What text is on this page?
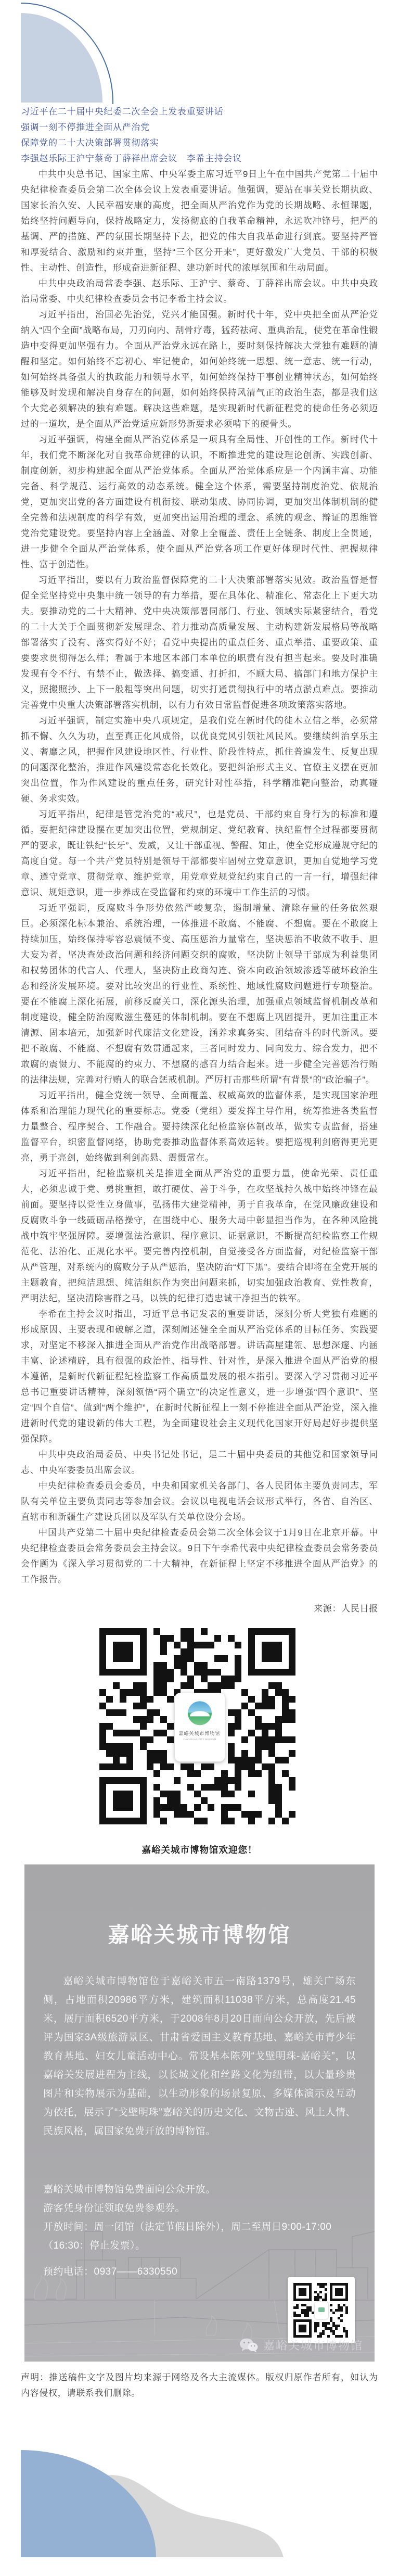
习近平在二十届中央纪委二次全会上发表重要讲话

强调一刻不停推进全面从严治党

保障党的二十大决策部署贯彻落实

李强赵乐际王沪宁蔡奇丁薛祥出席会议　李希主持会议

中共中央总书记、国家主席、中央军委主席习近平9日上午在中国共产党第二十届中央纪律检查委员会第二次全体会议上发表重要讲话。他强调，要站在事关党长期执政、国家长治久安、人民幸福安康的高度，把全面从严治党作为党的长期战略、永恒课题，始终坚持问题导向，保持战略定力，发扬彻底的自我革命精神，永远吹冲锋号，把严的基调、严的措施、严的氛围长期坚持下去，把党的伟大自我革命进行到底。要坚持严管和厚爱结合、激励和约束并重，坚持“三个区分开来”，更好激发广大党员、干部的积极性、主动性、创造性，形成奋进新征程、建功新时代的浓厚氛围和生动局面。

中共中央政治局常委李强、赵乐际、王沪宁、蔡奇、丁薛祥出席会议。中共中央政治局常委、中央纪律检查委员会书记李希主持会议。

习近平指出，治国必先治党，党兴才能国强。新时代十年，党中央把全面从严治党纳入“四个全面”战略布局，刀刃向内、刮骨疗毒，猛药祛疴、重典治乱，使党在革命性锻造中变得更加坚强有力。全面从严治党永远在路上，要时刻保持解决大党独有难题的清醒和坚定。如何始终不忘初心、牢记使命，如何始终统一思想、统一意志、统一行动，如何始终具备强大的执政能力和领导水平，如何始终保持干事创业精神状态，如何始终能够及时发现和解决自身存在的问题，如何始终保持风清气正的政治生态，都是我们这个大党必须解决的独有难题。解决这些难题，是实现新时代新征程党的使命任务必须迈过的一道坎，是全面从严治党适应新形势新要求必须啃下的硬骨头。

习近平强调，构建全面从严治党体系是一项具有全局性、开创性的工作。新时代十年，我们党不断深化对自我革命规律的认识，不断推进党的建设理论创新、实践创新、制度创新，初步构建起全面从严治党体系。全面从严治党体系应是一个内涵丰富、功能完备、科学规范、运行高效的动态系统。健全这个体系，需要坚持制度治党、依规治党，更加突出党的各方面建设有机衔接、联动集成、协同协调，更加突出体制机制的健全完善和法规制度的科学有效，更加突出运用治理的理念、系统的观念、辩证的思维管党治党建设党。要坚持内容上全涵盖、对象上全覆盖、责任上全链条、制度上全贯通，进一步健全全面从严治党体系，使全面从严治党各项工作更好体现时代性、把握规律性、富于创造性。

习近平指出，要以有力政治监督保障党的二十大决策部署落实见效。政治监督是督促全党坚持党中央集中统一领导的有力举措，要在具体化、精准化、常态化上下更大功夫。要推动党的二十大精神、党中央决策部署同部门、行业、领域实际紧密结合，看党的二十大关于全面贯彻新发展理念、着力推动高质量发展、主动构建新发展格局等战略部署落实了没有、落实得好不好；看党中央提出的重点任务、重点举措、重要政策、重要要求贯彻得怎么样；看属于本地区本部门本单位的职责有没有担当起来。要及时准确发现有令不行、有禁不止，做选择、搞变通、打折扣，不顾大局、搞部门和地方保护主义，照搬照抄、上下一般粗等突出问题，切实打通贯彻执行中的堵点淤点难点。要推动完善党中央重大决策部署落实机制，以有力有效日常监督促进各项政策落实落地。

习近平强调，制定实施中央八项规定，是我们党在新时代的徙木立信之举，必须常抓不懈、久久为功，直至真正化风成俗，以优良党风引领社风民风。要继续纠治享乐主义、奢靡之风，把握作风建设地区性、行业性、阶段性特点，抓住普遍发生、反复出现的问题深化整治，推进作风建设常态化长效化。要把纠治形式主义、官僚主义摆在更加突出位置，作为作风建设的重点任务，研究针对性举措，科学精准靶向整治，动真碰硬、务求实效。

习近平指出，纪律是管党治党的“戒尺”，也是党员、干部约束自身行为的标准和遵循。要把纪律建设摆在更加突出位置，党规制定、党纪教育、执纪监督全过程都要贯彻严的要求，既让铁纪“长牙”、发威，又让干部重视、警醒、知止，使全党形成遵规守纪的高度自觉。每一个共产党员特别是领导干部都要牢固树立党章意识，更加自觉地学习党章、遵守党章、贯彻党章、维护党章，用党章党规党纪约束自己的一言一行，增强纪律意识、规矩意识，进一步养成在受监督和约束的环境中工作生活的习惯。

习近平强调，反腐败斗争形势依然严峻复杂，遏制增量、清除存量的任务依然艰巨。必须深化标本兼治、系统治理，一体推进不敢腐、不能腐、不想腐。要在不敢腐上持续加压，始终保持零容忍震慑不变、高压惩治力量常在，坚决惩治不收敛不收手、胆大妄为者，坚决查处政治问题和经济问题交织的腐败，坚决防止领导干部成为利益集团和权势团体的代言人、代理人，坚决防止政商勾连、资本向政治领域渗透等破坏政治生态和经济发展环境。要对比较突出的行业性、系统性、地域性腐败问题进行专项整治。要在不能腐上深化拓展，前移反腐关口，深化源头治理，加强重点领域监督机制改革和制度建设，健全防治腐败滋生蔓延的体制机制。要在不想腐上巩固提升，更加注重正本清源、固本培元，加强新时代廉洁文化建设，涵养求真务实、团结奋斗的时代新风。要把不敢腐、不能腐、不想腐有效贯通起来，三者同时发力、同向发力、综合发力，把不敢腐的震慑力、不能腐的约束力、不想腐的感召力结合起来。进一步健全完善惩治行贿的法律法规，完善对行贿人的联合惩戒机制。严厉打击那些所谓“有背景”的“政治骗子”。

习近平指出，健全党统一领导、全面覆盖、权威高效的监督体系，是实现国家治理体系和治理能力现代化的重要标志。党委（党组）要发挥主导作用，统筹推进各类监督力量整合、程序契合、工作融合。要持续深化纪检监察体制改革，做实专责监督，搭建监督平台，织密监督网络，协助党委推动监督体系高效运转。要把巡视利剑磨得更光更亮，勇于亮剑，始终做到利剑高悬、震慑常在。

习近平指出，纪检监察机关是推进全面从严治党的重要力量，使命光荣、责任重大，必须忠诚于党、勇挑重担，敢打硬仗、善于斗争，在攻坚战持久战中始终冲锋在最前面。要坚持以党性立身做事，弘扬伟大建党精神，勇于自我革命，在党风廉政建设和反腐败斗争一线砥砺品格操守，在围绕中心、服务大局中彰显担当作为，在各种风险挑战中筑牢坚强屏障。要增强法治意识、程序意识、证据意识，不断提高纪检监察工作规范化、法治化、正规化水平。要完善内控机制，自觉接受各方面监督，对纪检监察干部从严管理，对系统内的腐败分子从严惩治，坚决防治“灯下黑”。要结合即将在全党开展的主题教育，把纯洁思想、纯洁组织作为突出问题来抓，切实加强政治教育、党性教育，严明法纪，坚决清除害群之马，以铁的纪律打造忠诚干净担当的铁军。

李希在主持会议时指出，习近平总书记发表的重要讲话，深刻分析大党独有难题的形成原因、主要表现和破解之道，深刻阐述健全全面从严治党体系的目标任务、实践要求，对坚定不移深入推进全面从严治党作出战略部署。讲话高屋建瓴、思想深邃、内涵丰富、论述精辟，具有很强的政治性、指导性、针对性，是深入推进全面从严治党的根本遵循，是新时代新征程纪检监察工作高质量发展的根本指引。要深入学习贯彻习近平总书记重要讲话精神，深刻领悟“两个确立”的决定性意义，进一步增强“四个意识”、坚定“四个自信”、做到“两个维护”，在新时代新征程上一刻不停推进全面从严治党，深入推进新时代党的建设新的伟大工程，为全面建设社会主义现代化国家开好局起好步提供坚强保障。

中共中央政治局委员、中央书记处书记，是二十届中央委员的其他党和国家领导同志、中央军委委员出席会议。

中央纪律检查委员会委员，中央和国家机关各部门、各人民团体主要负责同志，军队有关单位主要负责同志等参加会议。会议以电视电话会议形式举行，各省、自治区、直辖市和新疆生产建设兵团以及军队有关单位设分会场。

中国共产党第二十届中央纪律检查委员会第二次全体会议于1月9日在北京开幕。中央纪律检查委员会常务委员会主持会议。9日下午李希代表中央纪律检查委员会常务委员会作题为《深入学习贯彻党的二十大精神，在新征程上坚定不移推进全面从严治党》的工作报告。

来源：人民日报

嘉峪关城市博物馆
JIAYUGUAN CITY MUSEUM

嘉峪关城市博物馆欢迎您！

嘉峪关城市博物馆
嘉峪关城市博物馆位于嘉峪关市五一南路1379号，雄关广场东侧，占地面积20986平方米，建筑面积11038平方米，总高度21.45米，展厅面积6520平方米，于2008年8月20日面向公众开放，先后被评为国家3A级旅游景区、甘肃省爱国主义教育基地、嘉峪关市青少年教育基地、妇女儿童活动中心。常设基本陈列“戈壁明珠-嘉峪关”，以嘉峪关发展进程为主线，以长城文化和丝路文化为纽带，以大量珍贵图片和实物展示为基础，以生动形象的场景复原、多媒体演示及互动为依托，展示了“戈壁明珠”嘉峪关的历史文化、文物古迹、风土人情、民族风格，属国家免费开放的博物馆。

嘉峪关城市博物馆免费面向公众开放。

游客凭身份证领取免费参观券。

开放时间：周一闭馆（法定节假日除外），周二至周日9:00-17:00（16:30：停止发票）。

预约电话：0937——6330550
嘉峪关城市博物馆

声明：推送稿件文字及图片均来源于网络及各大主流媒体。版权归原作者所有，如认为内容侵权，请联系我们删除。
